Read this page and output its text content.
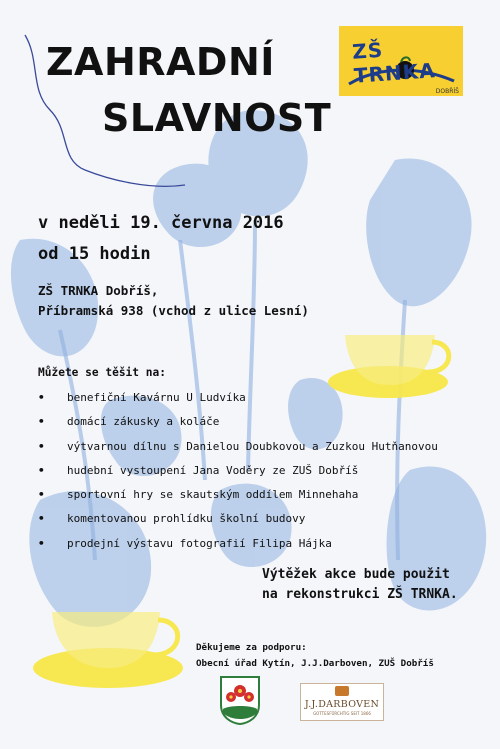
ZAHRADNÍ
SLAVNOST
ZŠ TRNKA
DOBŘÍŠ
v neděli 19. června 2016
od 15 hodin
ZŠ TRNKA Dobříš,
Příbramská 938 (vchod z ulice Lesní)
Můžete se těšit na:
• benefiční Kavárnu U Ludvíka
• domácí zákusky a koláče
• výtvarnou dílnu s Danielou Doubkovou a Zuzkou Hutňanovou
• hudební vystoupení Jana Voděry ze ZUŠ Dobříš
• sportovní hry se skautským oddílem Minnehaha
• komentovanou prohlídku školní budovy
• prodejní výstavu fotografií Filipa Hájka
Výtěžek akce bude použit
na rekonstrukci ZŠ TRNKA.
Děkujeme za podporu:
Obecní úřad Kytín, J.J.Darboven, ZUŠ Dobříš
J.J.DARBOVEN
GOTTESFÜRCHTIG SEIT 1866
